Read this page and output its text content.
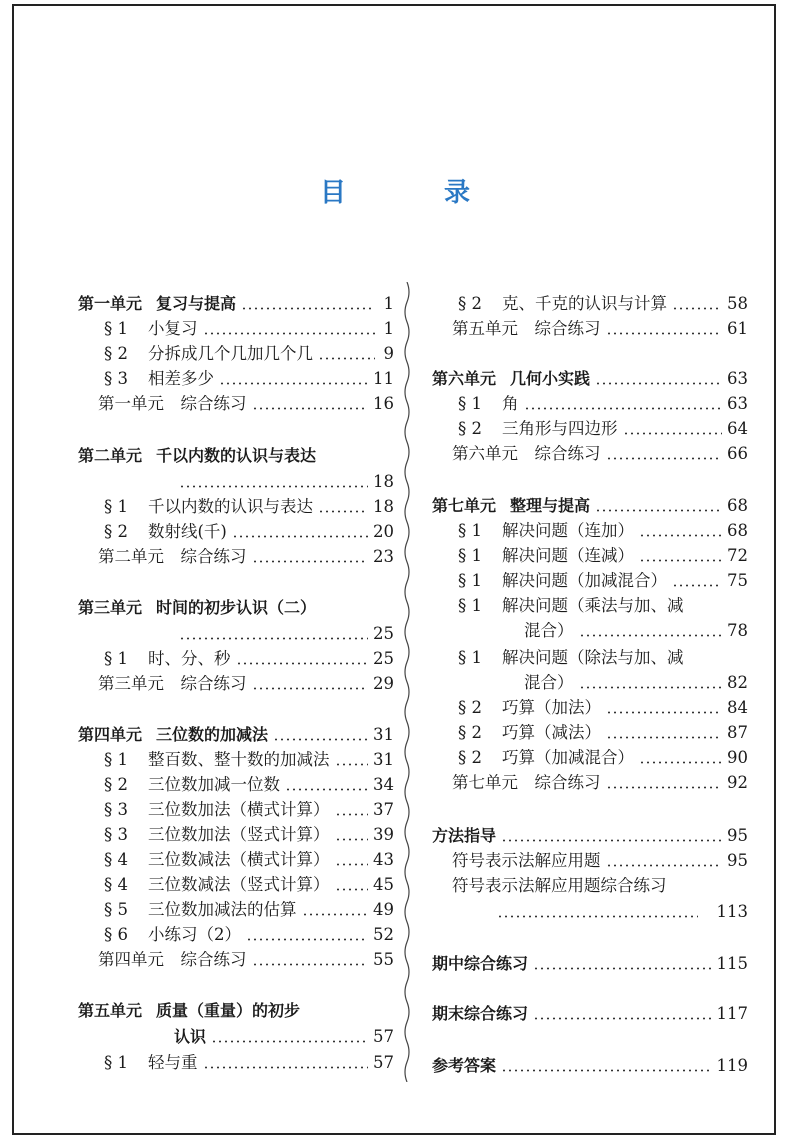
目　录
第一单元 复习与提高	1
§ 1 小复习	1
§ 2 分拆成几个几加几个几	9
§ 3 相差多少	11
第一单元　 综合练习	16
第二单元 千以内数的认识与表达
18
§ 1 千以内数的认识与表达	18
§ 2 数射线(千)	20
第二单元　 综合练习	23
第三单元 时间的初步认识（二）
25
§ 1 时、分、秒	25
第三单元　 综合练习	29
第四单元 三位数的加减法	31
§ 1 整百数、整十数的加减法	31
§ 2 三位数加减一位数	34
§ 3 三位数加法（横式计算）	37
§ 3 三位数加法（竖式计算）	39
§ 4 三位数减法（横式计算）	43
§ 4 三位数减法（竖式计算）	45
§ 5 三位数加减法的估算	49
§ 6 小练习（2）	52
第四单元　 综合练习	55
第五单元 质量（重量）的初步
认识	57
§ 1 轻与重	57
§ 2 克、千克的认识与计算	58
第五单元　 综合练习	61
第六单元 几何小实践	63
§ 1 角	63
§ 2 三角形与四边形	64
第六单元　 综合练习	66
第七单元 整理与提高	68
§ 1 解决问题（连加）	68
§ 1 解决问题（连减）	72
§ 1 解决问题（加减混合）	75
§ 1 解决问题（乘法与加、减
混合）	78
§ 1 解决问题（除法与加、减
混合）	82
§ 2 巧算（加法）	84
§ 2 巧算（减法）	87
§ 2 巧算（加减混合）	90
第七单元　 综合练习	92
方法指导	95
符号表示法解应用题	95
符号表示法解应用题综合练习
113
期中综合练习	115
期末综合练习	117
参考答案	119
